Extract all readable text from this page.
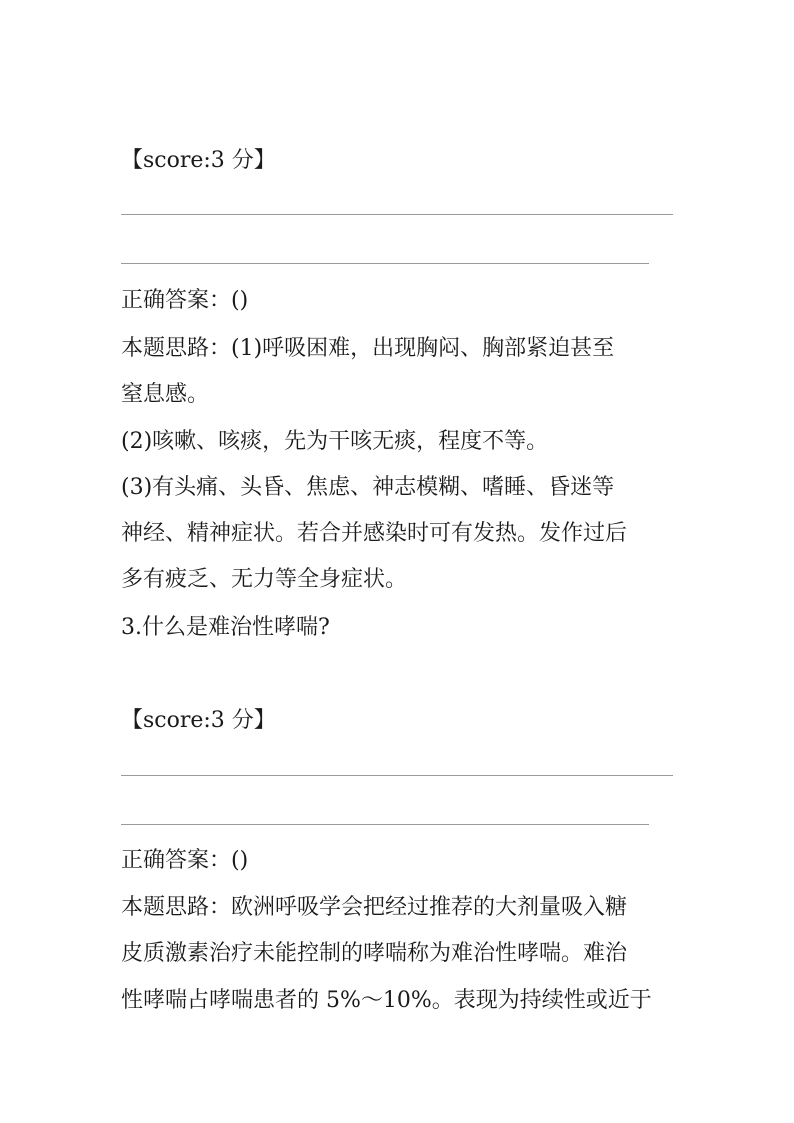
【score:3 分】
正确答案：()
本题思路：(1)呼吸困难，出现胸闷、胸部紧迫甚至
窒息感。
(2)咳嗽、咳痰，先为干咳无痰，程度不等。
(3)有头痛、头昏、焦虑、神志模糊、嗜睡、昏迷等
神经、精神症状。若合并感染时可有发热。发作过后
多有疲乏、无力等全身症状。
3.什么是难治性哮喘?
【score:3 分】
正确答案：()
本题思路：欧洲呼吸学会把经过推荐的大剂量吸入糖
皮质激素治疗未能控制的哮喘称为难治性哮喘。难治
性哮喘占哮喘患者的 5%～10%。表现为持续性或近于
